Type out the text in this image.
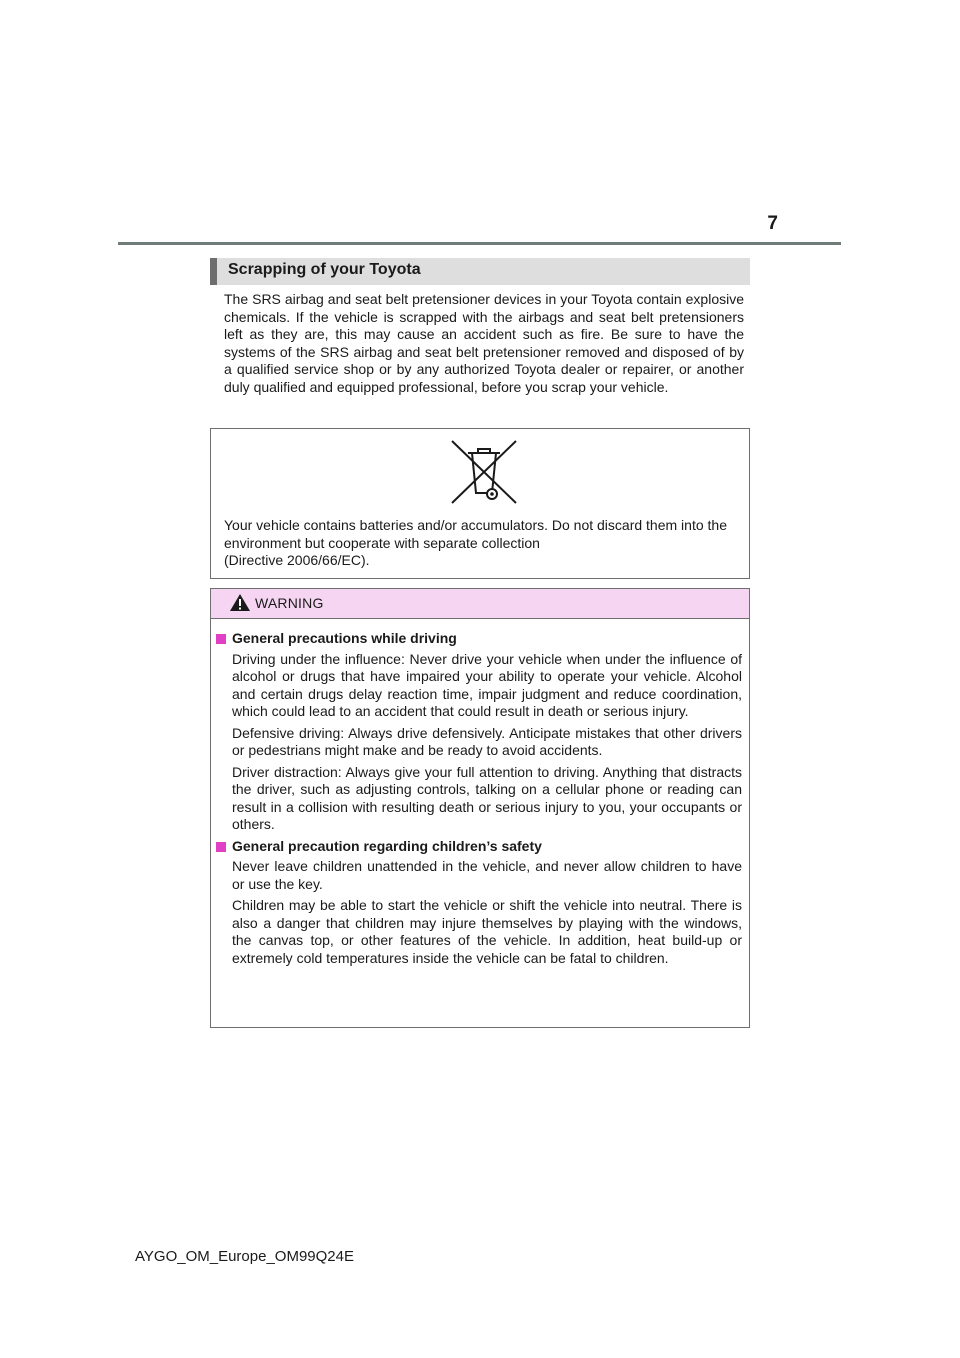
7
Scrapping of your Toyota

The SRS airbag and seat belt pretensioner devices in your Toyota contain explosive chemicals. If the vehicle is scrapped with the airbags and seat belt pretensioners left as they are, this may cause an accident such as fire. Be sure to have the systems of the SRS airbag and seat belt pretensioner removed and disposed of by a qualified service shop or by any authorized Toyota dealer or repairer, or another duly qualified and equipped professional, before you scrap your vehicle.

Your vehicle contains batteries and/or accumulators. Do not discard them into the environment but cooperate with separate collection
(Directive 2006/66/EC).

WARNING
General precautions while driving

Driving under the influence: Never drive your vehicle when under the influence of alcohol or drugs that have impaired your ability to operate your vehicle. Alcohol and certain drugs delay reaction time, impair judgment and reduce coordination, which could lead to an accident that could result in death or serious injury.

Defensive driving: Always drive defensively. Anticipate mistakes that other drivers or pedestrians might make and be ready to avoid accidents.

Driver distraction: Always give your full attention to driving. Anything that distracts the driver, such as adjusting controls, talking on a cellular phone or reading can result in a collision with resulting death or serious injury to you, your occupants or others.

General precaution regarding children’s safety

Never leave children unattended in the vehicle, and never allow children to have or use the key.

Children may be able to start the vehicle or shift the vehicle into neutral. There is also a danger that children may injure themselves by playing with the windows, the canvas top, or other features of the vehicle. In addition, heat build-up or extremely cold temperatures inside the vehicle can be fatal to children.

AYGO_OM_Europe_OM99Q24E
